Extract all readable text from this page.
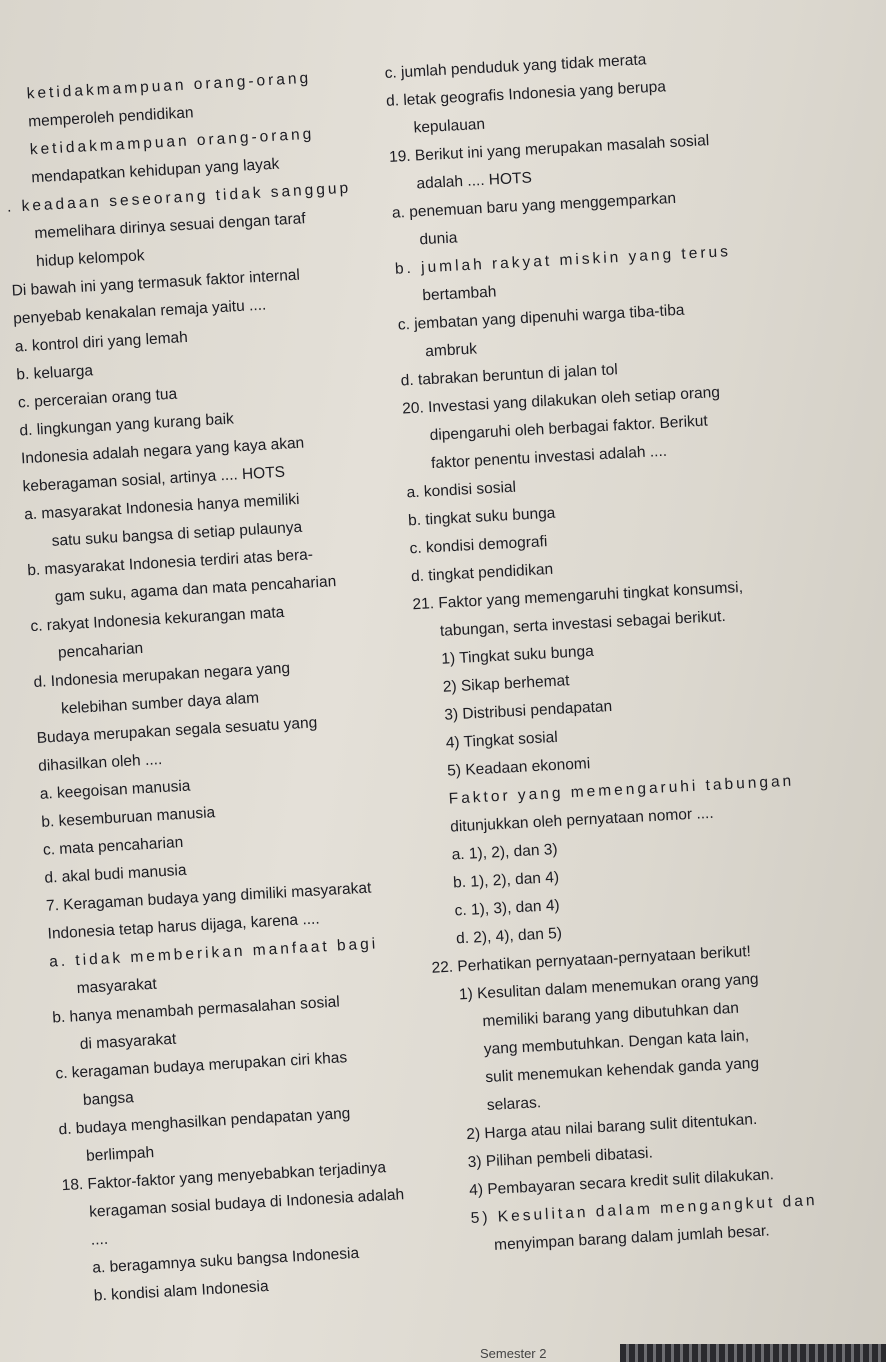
ketidakmampuan orang-orang
memperoleh pendidikan
ketidakmampuan orang-orang
mendapatkan kehidupan yang layak
. keadaan seseorang tidak sanggup
memelihara dirinya sesuai dengan taraf
hidup kelompok
Di bawah ini yang termasuk faktor internal
penyebab kenakalan remaja yaitu ....
a. kontrol diri yang lemah
b. keluarga
c. perceraian orang tua
d. lingkungan yang kurang baik
Indonesia adalah negara yang kaya akan
keberagaman sosial, artinya .... HOTS
a. masyarakat Indonesia hanya memiliki
satu suku bangsa di setiap pulaunya
b. masyarakat Indonesia terdiri atas bera-
gam suku, agama dan mata pencaharian
c. rakyat Indonesia kekurangan mata
pencaharian
d. Indonesia merupakan negara yang
kelebihan sumber daya alam
Budaya merupakan segala sesuatu yang
dihasilkan oleh ....
a. keegoisan manusia
b. kesemburuan manusia
c. mata pencaharian
d. akal budi manusia
7. Keragaman budaya yang dimiliki masyarakat
Indonesia tetap harus dijaga, karena ....
a. tidak memberikan manfaat bagi
masyarakat
b. hanya menambah permasalahan sosial
di masyarakat
c. keragaman budaya merupakan ciri khas
bangsa
d. budaya menghasilkan pendapatan yang
berlimpah
18. Faktor-faktor yang menyebabkan terjadinya
keragaman sosial budaya di Indonesia adalah
....
a. beragamnya suku bangsa Indonesia
b. kondisi alam Indonesia
c. jumlah penduduk yang tidak merata
d. letak geografis Indonesia yang berupa
kepulauan
19. Berikut ini yang merupakan masalah sosial
adalah .... HOTS
a. penemuan baru yang menggemparkan
dunia
b. jumlah rakyat miskin yang terus
bertambah
c. jembatan yang dipenuhi warga tiba-tiba
ambruk
d. tabrakan beruntun di jalan tol
20. Investasi yang dilakukan oleh setiap orang
dipengaruhi oleh berbagai faktor. Berikut
faktor penentu investasi adalah ....
a. kondisi sosial
b. tingkat suku bunga
c. kondisi demografi
d. tingkat pendidikan
21. Faktor yang memengaruhi tingkat konsumsi,
tabungan, serta investasi sebagai berikut.
1) Tingkat suku bunga
2) Sikap berhemat
3) Distribusi pendapatan
4) Tingkat sosial
5) Keadaan ekonomi
Faktor yang memengaruhi tabungan
ditunjukkan oleh pernyataan nomor ....
a. 1), 2), dan 3)
b. 1), 2), dan 4)
c. 1), 3), dan 4)
d. 2), 4), dan 5)
22. Perhatikan pernyataan-pernyataan berikut!
1) Kesulitan dalam menemukan orang yang
memiliki barang yang dibutuhkan dan
yang membutuhkan. Dengan kata lain,
sulit menemukan kehendak ganda yang
selaras.
2) Harga atau nilai barang sulit ditentukan.
3) Pilihan pembeli dibatasi.
4) Pembayaran secara kredit sulit dilakukan.
5) Kesulitan dalam mengangkut dan
menyimpan barang dalam jumlah besar.
Semester 2
